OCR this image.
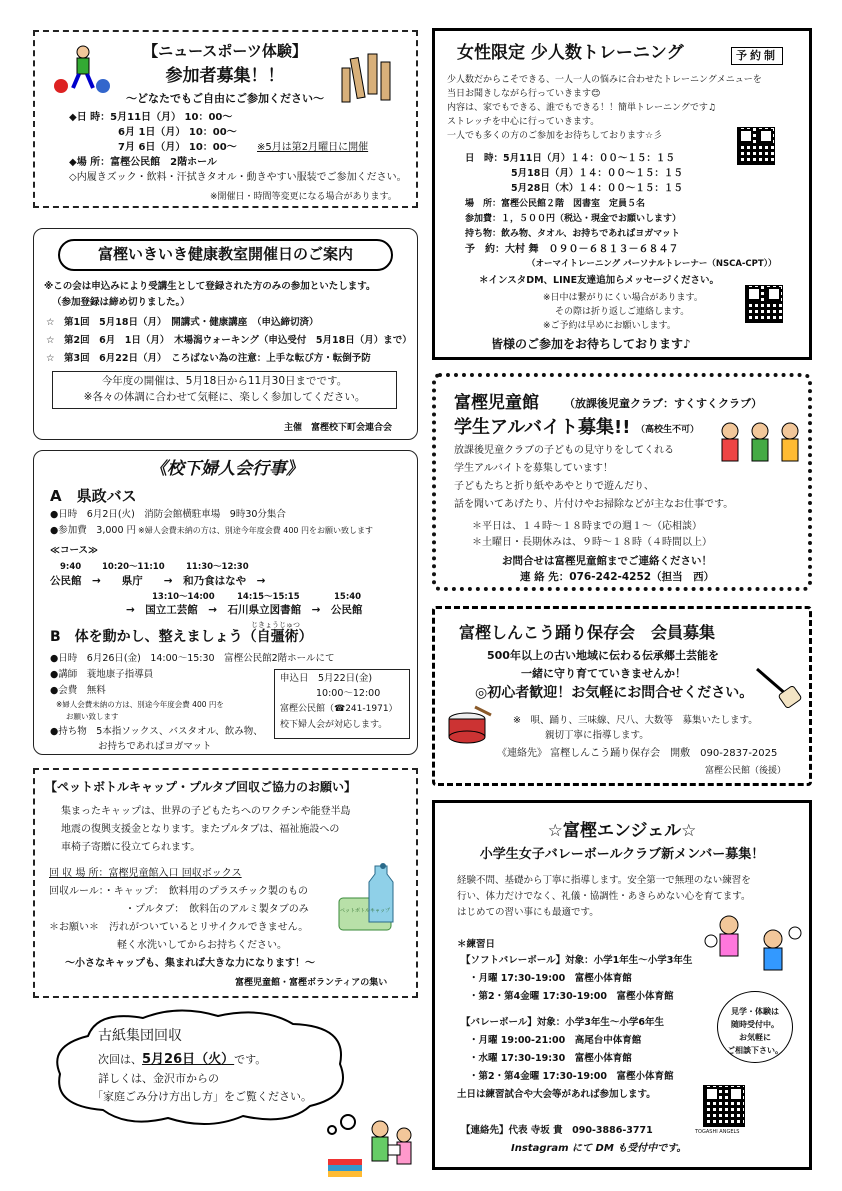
【ニュースポーツ体験】
参加者募集！！
～どなたでもご自由にご参加ください～
◆日 時：5月11日（月） 10：00～
6月 1日（月） 10：00～
7月 6日（月） 10：00～ ※5月は第2月曜日に開催
◆場 所：富樫公民館　2階ホール
◇内履きズック・飲料・汗拭きタオル・動きやすい服装でご参加ください。
※開催日・時間等変更になる場合があります。
富樫いきいき健康教室開催日のご案内
※この会は申込みにより受講生として登録された方のみの参加といたします。
（参加登録は締め切りました。）
☆　第1回　5月18日（月）　開講式・健康講座　（申込締切済）
☆　第2回　6月　1日（月）　木場潟ウォーキング（申込受付　5月18日（月）まで）
☆　第3回　6月22日（月）　ころばない為の注意：上手な転び方・転倒予防
今年度の開催は、5月18日から11月30日までです。
※各々の体調に合わせて気軽に、楽しく参加してください。
主催　富樫校下町会連合会
《校下婦人会行事》
A　県政バス
●日時　6月2日(火)　消防会館横駐車場　9時30分集合
●参加費　3,000 円 ※婦人会費未納の方は、別途今年度会費 400 円をお願い致します
≪コース≫
9:40 10:20～11:10	11:30～12:30
公民館　→　　県庁　　→　和乃食はなや　→
13:10～14:00	14:15～15:15	15:40
→　国立工芸館　→　石川県立図書館　→　公民館
じきょうじゅつ
B　体を動かし、整えましょう（自彊術）
●日時　6月26日(金)　14:00～15:30　富樫公民館2階ホールにて
●講師　蓑地康子指導員
●会費　無料
※婦人会費未納の方は、別途今年度会費 400 円を
お願い致します
●持ち物　5本指ソックス、バスタオル、飲み物、
お持ちであればヨガマット
申込日　5月22日(金)
10:00～12:00
富樫公民館（☎241-1971）
校下婦人会が対応します。
【ペットボトルキャップ・プルタブ回収ご協力のお願い】
集まったキャップは、世界の子どもたちへのワクチンや能登半島
地震の復興支援金となります。またプルタブは、福祉施設への
車椅子寄贈に役立てられます。
回 収 場 所：富樫児童館入口 回収ボックス
回収ルール：・キャップ：　飲料用のプラスチック製のもの
・プルタブ：　飲料缶のアルミ製タブのみ
＊お願い＊　汚れがついているとリサイクルできません。
軽く水洗いしてからお持ちください。
～小さなキャップも、集まれば大きな力になります！～
富樫児童館・富樫ボランティアの集い
ペットボトルキャップ
古紙集団回収
次回は、5月26日（火）です。
詳しくは、金沢市からの
「家庭ごみ分け方出し方」をご覧ください。
女性限定 少人数トレーニング	予約制
少人数だからこそできる、一人一人の悩みに合わせたトレーニングメニューを
当日お聞きしながら行っていきます😊
内容は、家でもできる、誰でもできる！！簡単トレーニングです♫
ストレッチを中心に行っていきます。
一人でも多くの方のご参加をお待ちしております☆彡
日　時：5月11日（月）１４：００～１５：１５
5月18日（月）１４：００～１５：１５
5月28日（木）１４：００～１５：１５
場　所：富樫公民館２階　図書室　定員５名
参加費：１，５００円（税込・現金でお願いします）
持ち物：飲み物、タオル、お持ちであればヨガマット
予　約：大村 舞　０９０－６８１３－６８４７
（オーマイトレーニング パーソナルトレーナー（NSCA-CPT））
＊インスタDM、LINE友達追加らメッセージください。
※日中は繋がりにくい場合があります。
その際は折り返しご連絡します。
※ご予約は早めにお願いします。
皆様のご参加をお待ちしております♪
富樫児童館 （放課後児童クラブ：すくすくクラブ）
学生アルバイト募集!! （高校生不可）
放課後児童クラブの子どもの見守りをしてくれる
学生アルバイトを募集しています！
子どもたちと折り紙やあやとりで遊んだり、
話を聞いてあげたり、片付けやお掃除などが主なお仕事です。
＊平日は、１４時～１８時までの週１～（応相談）
＊土曜日・長期休みは、９時～１８時（４時間以上）
お問合せは富樫児童館までご連絡ください！
連 絡 先：076-242-4252（担当　西）
富樫しんこう踊り保存会　会員募集
500年以上の古い地域に伝わる伝承郷土芸能を
一緒に守り育てていきませんか！
◎初心者歓迎！お気軽にお問合せください。
※　唄、踊り、三味線、尺八、大数等　募集いたします。
親切丁寧に指導します。
《連絡先》 富樫しんこう踊り保存会　開敷　090-2837-2025
富樫公民館（後援）
☆富樫エンジェル☆
小学生女子バレーボールクラブ新メンバー募集！
経験不問、基礎から丁寧に指導します。安全第一で無理のない練習を
行い、体力だけでなく、礼儀・協調性・あきらめない心を育てます。
はじめての習い事にも最適です。
＊練習日
【ソフトバレーボール】対象：小学1年生～小学3年生
・月曜 17:30-19:00　富樫小体育館
・第2・第4金曜 17:30-19:00　富樫小体育館
【バレーボール】対象：小学3年生～小学6年生
・月曜 19:00-21:00　高尾台中体育館
・水曜 17:30-19:30　富樫小体育館
・第2・第4金曜 17:30-19:00　富樫小体育館
土日は練習試合や大会等があれば参加します。
見学・体験は
随時受付中。
お気軽に
ご相談下さい。
TOGASHI ANGELS
【連絡先】代表 寺坂 貴　090-3886-3771
Instagram にて DM も受付中です。
